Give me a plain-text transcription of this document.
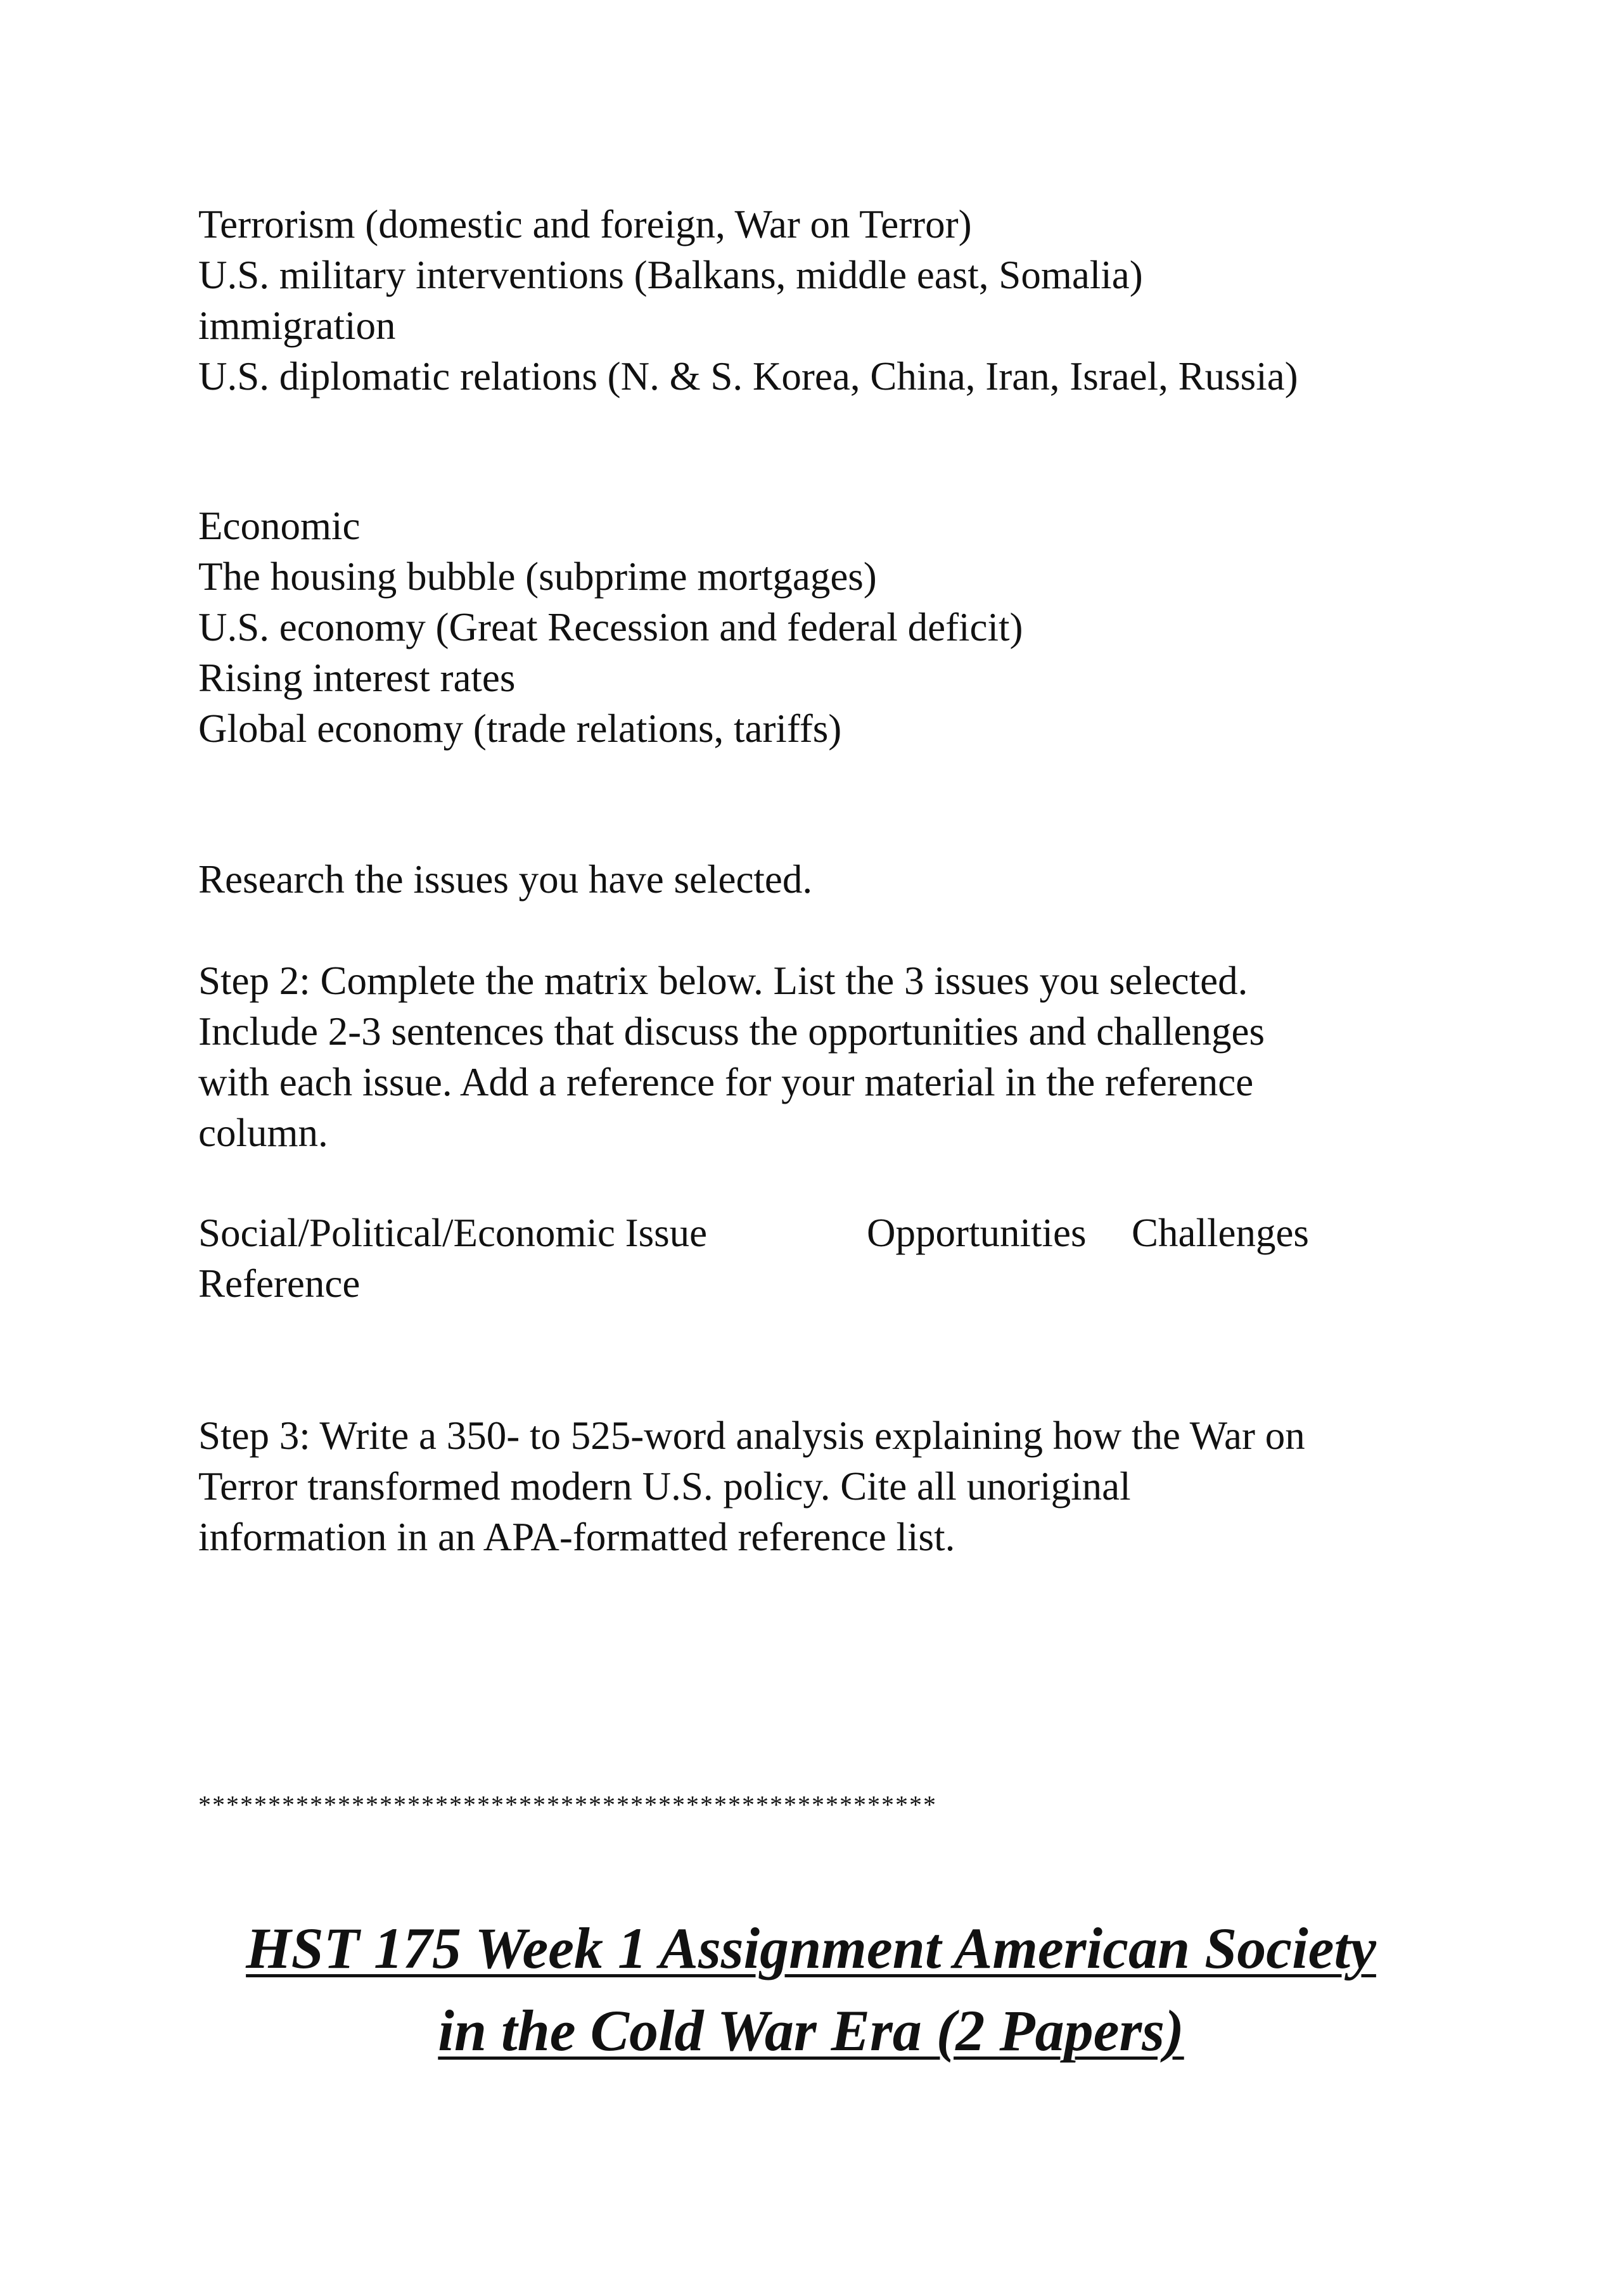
Terrorism (domestic and foreign, War on Terror)
U.S. military interventions (Balkans, middle east, Somalia)
immigration
U.S. diplomatic relations (N. & S. Korea, China, Iran, Israel, Russia)
Economic
The housing bubble (subprime mortgages)
U.S. economy (Great Recession and federal deficit)
Rising interest rates
Global economy (trade relations, tariffs)
Research the issues you have selected.
Step 2: Complete the matrix below. List the 3 issues you selected.
Include 2-3 sentences that discuss the opportunities and challenges
with each issue. Add a reference for your material in the reference
column.
Social/Political/Economic Issue	Opportunities Challenges
Reference
Step 3: Write a 350- to 525-word analysis explaining how the War on
Terror transformed modern U.S. policy. Cite all unoriginal
information in an APA-formatted reference list.
*****************************************************
HST 175 Week 1 Assignment American Society
in the Cold War Era (2 Papers)
